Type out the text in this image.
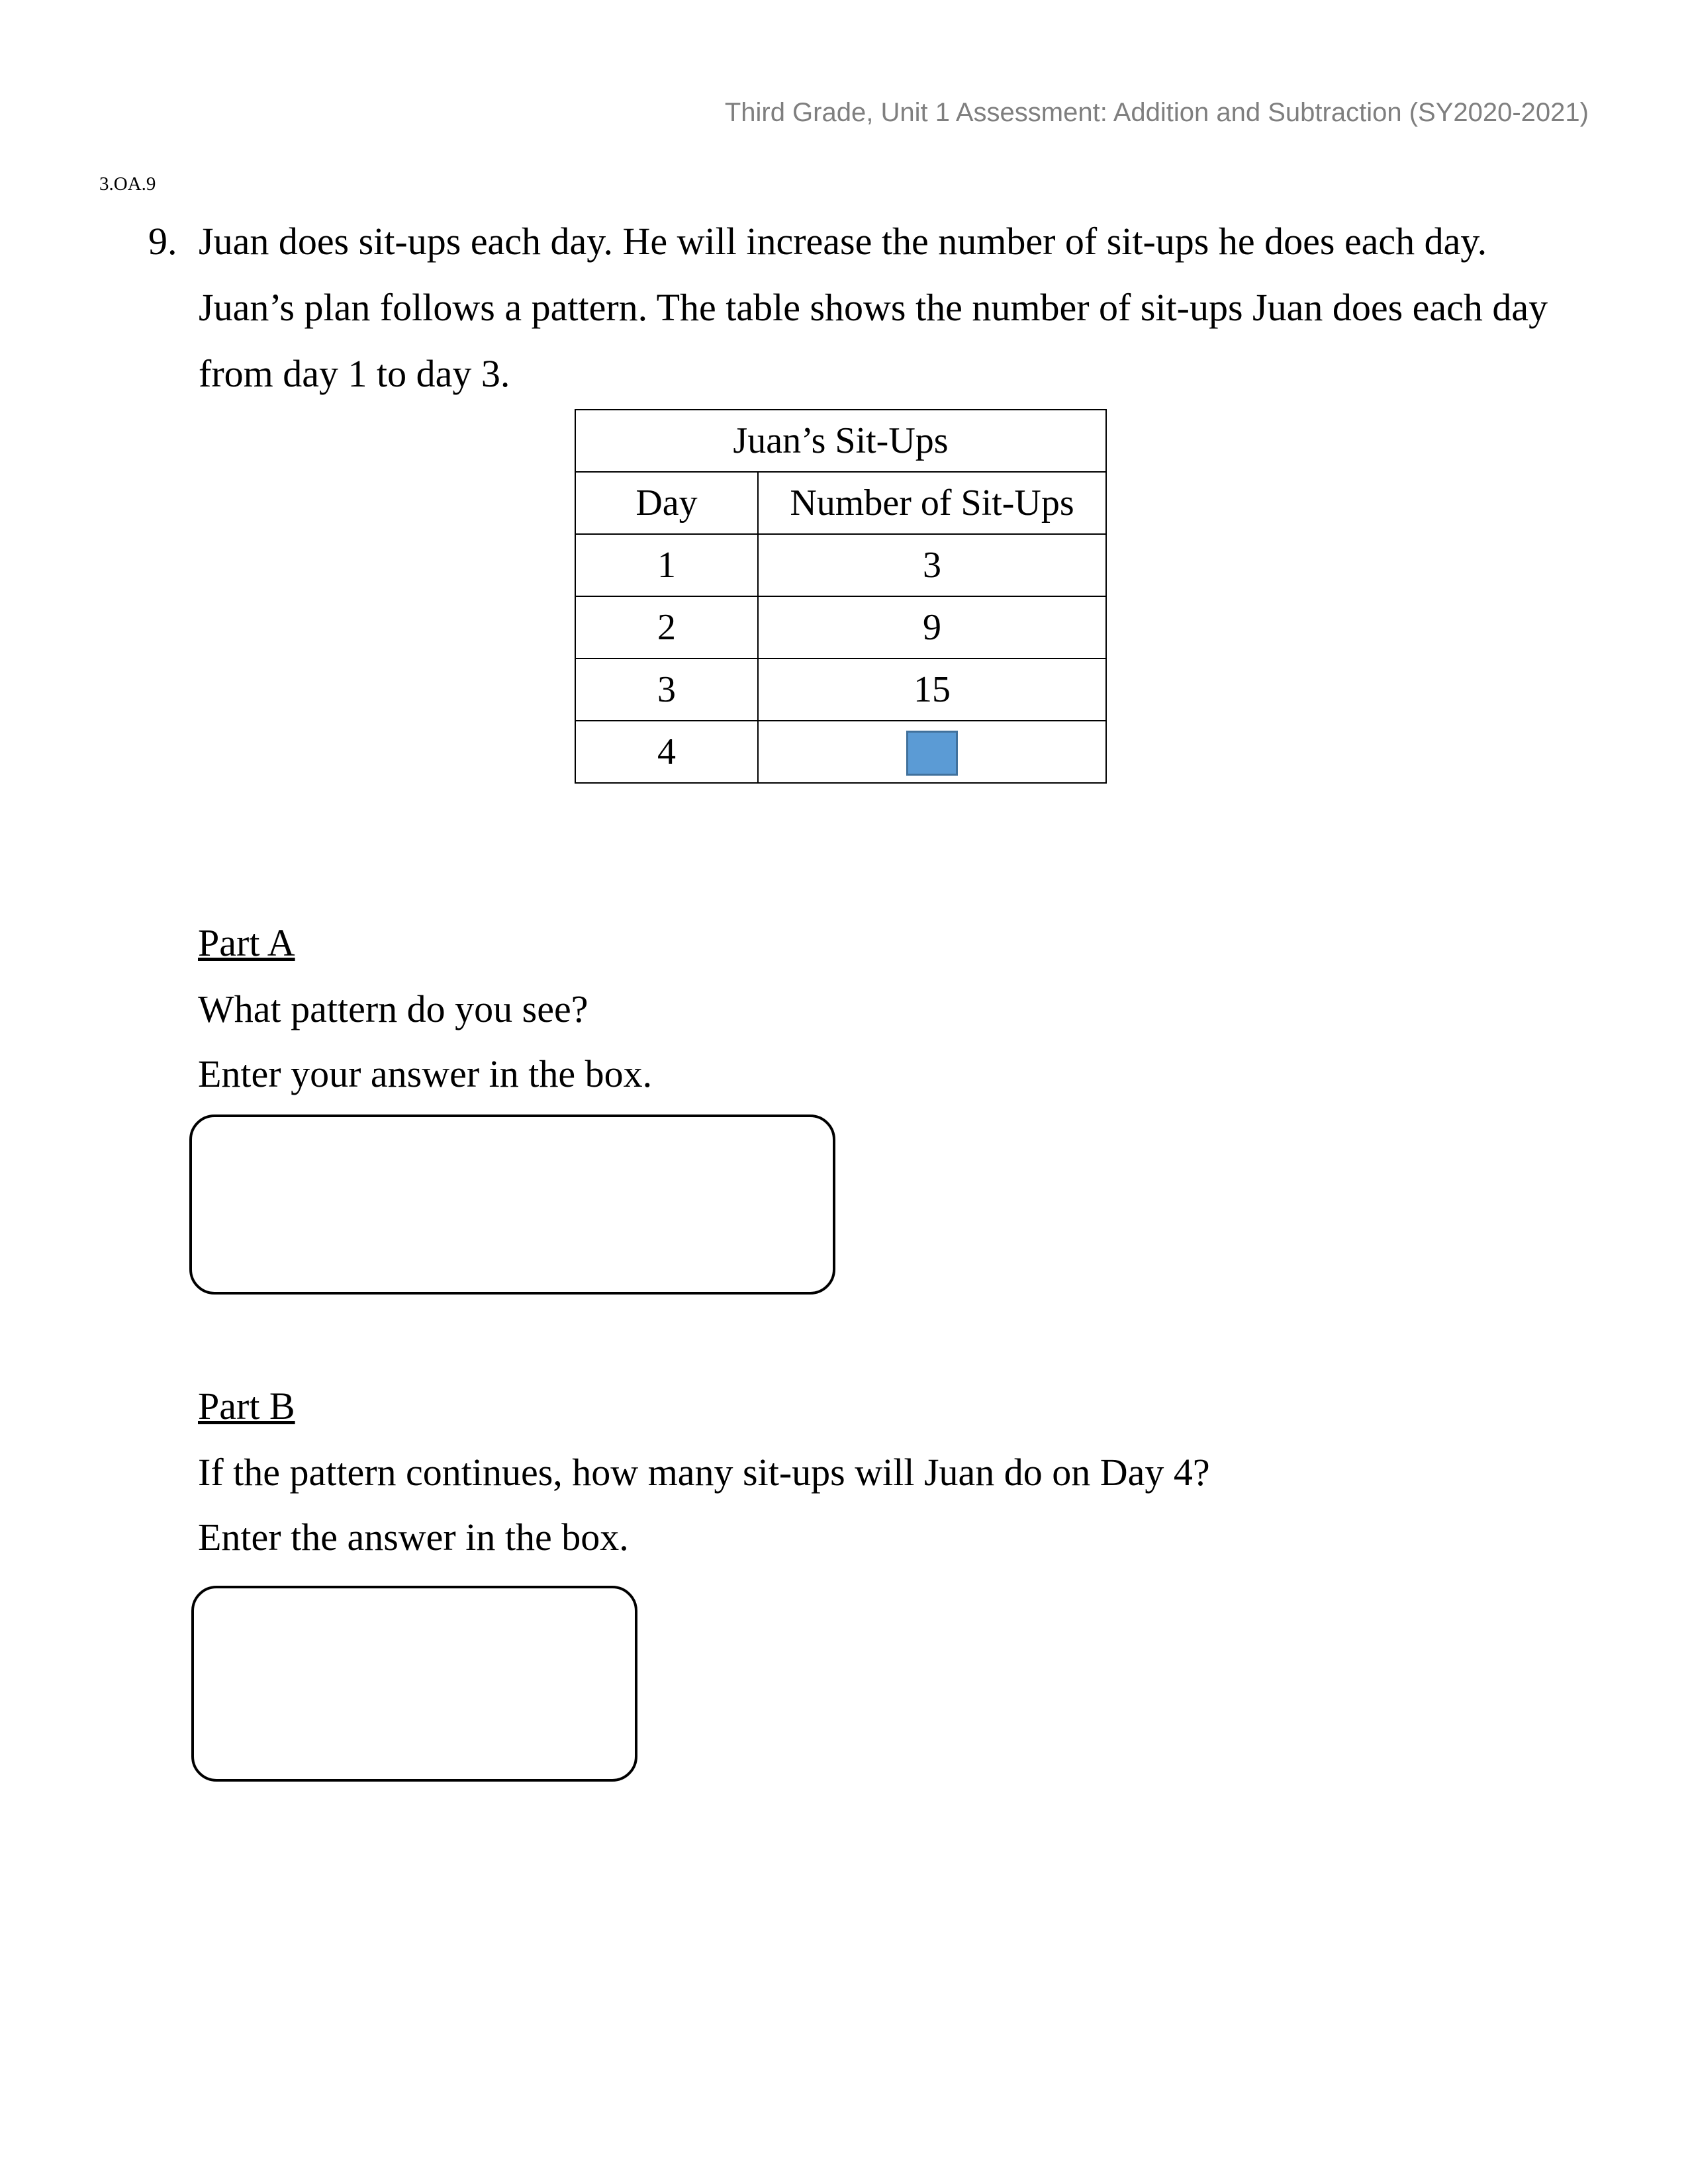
Third Grade, Unit 1 Assessment: Addition and Subtraction (SY2020-2021)
3.OA.9
9. Juan does sit-ups each day. He will increase the number of sit-ups he does each day.
Juan’s plan follows a pattern. The table shows the number of sit-ups Juan does each day
from day 1 to day 3.
Juan’s Sit-Ups	
Day	Number of Sit-Ups
1	3
2	9
3	15
4	
Part A
What pattern do you see?
Enter your answer in the box.
Part B
If the pattern continues, how many sit-ups will Juan do on Day 4?
Enter the answer in the box.
